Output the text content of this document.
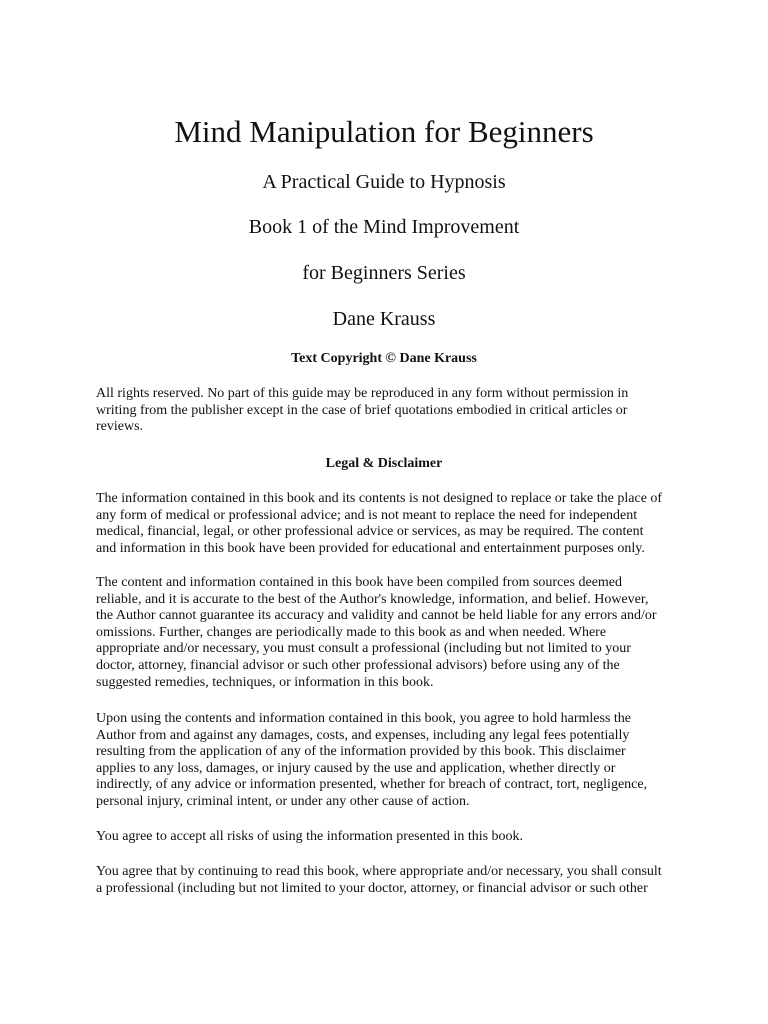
Mind Manipulation for Beginners
A Practical Guide to Hypnosis
Book 1 of the Mind Improvement
for Beginners Series
Dane Krauss
Text Copyright © Dane Krauss
All rights reserved. No part of this guide may be reproduced in any form without permission in
writing from the publisher except in the case of brief quotations embodied in critical articles or
reviews.
Legal & Disclaimer
The information contained in this book and its contents is not designed to replace or take the place of
any form of medical or professional advice; and is not meant to replace the need for independent
medical, financial, legal, or other professional advice or services, as may be required. The content
and information in this book have been provided for educational and entertainment purposes only.
The content and information contained in this book have been compiled from sources deemed
reliable, and it is accurate to the best of the Author's knowledge, information, and belief. However,
the Author cannot guarantee its accuracy and validity and cannot be held liable for any errors and/or
omissions. Further, changes are periodically made to this book as and when needed. Where
appropriate and/or necessary, you must consult a professional (including but not limited to your
doctor, attorney, financial advisor or such other professional advisors) before using any of the
suggested remedies, techniques, or information in this book.
Upon using the contents and information contained in this book, you agree to hold harmless the
Author from and against any damages, costs, and expenses, including any legal fees potentially
resulting from the application of any of the information provided by this book. This disclaimer
applies to any loss, damages, or injury caused by the use and application, whether directly or
indirectly, of any advice or information presented, whether for breach of contract, tort, negligence,
personal injury, criminal intent, or under any other cause of action.
You agree to accept all risks of using the information presented in this book.
You agree that by continuing to read this book, where appropriate and/or necessary, you shall consult
a professional (including but not limited to your doctor, attorney, or financial advisor or such other
